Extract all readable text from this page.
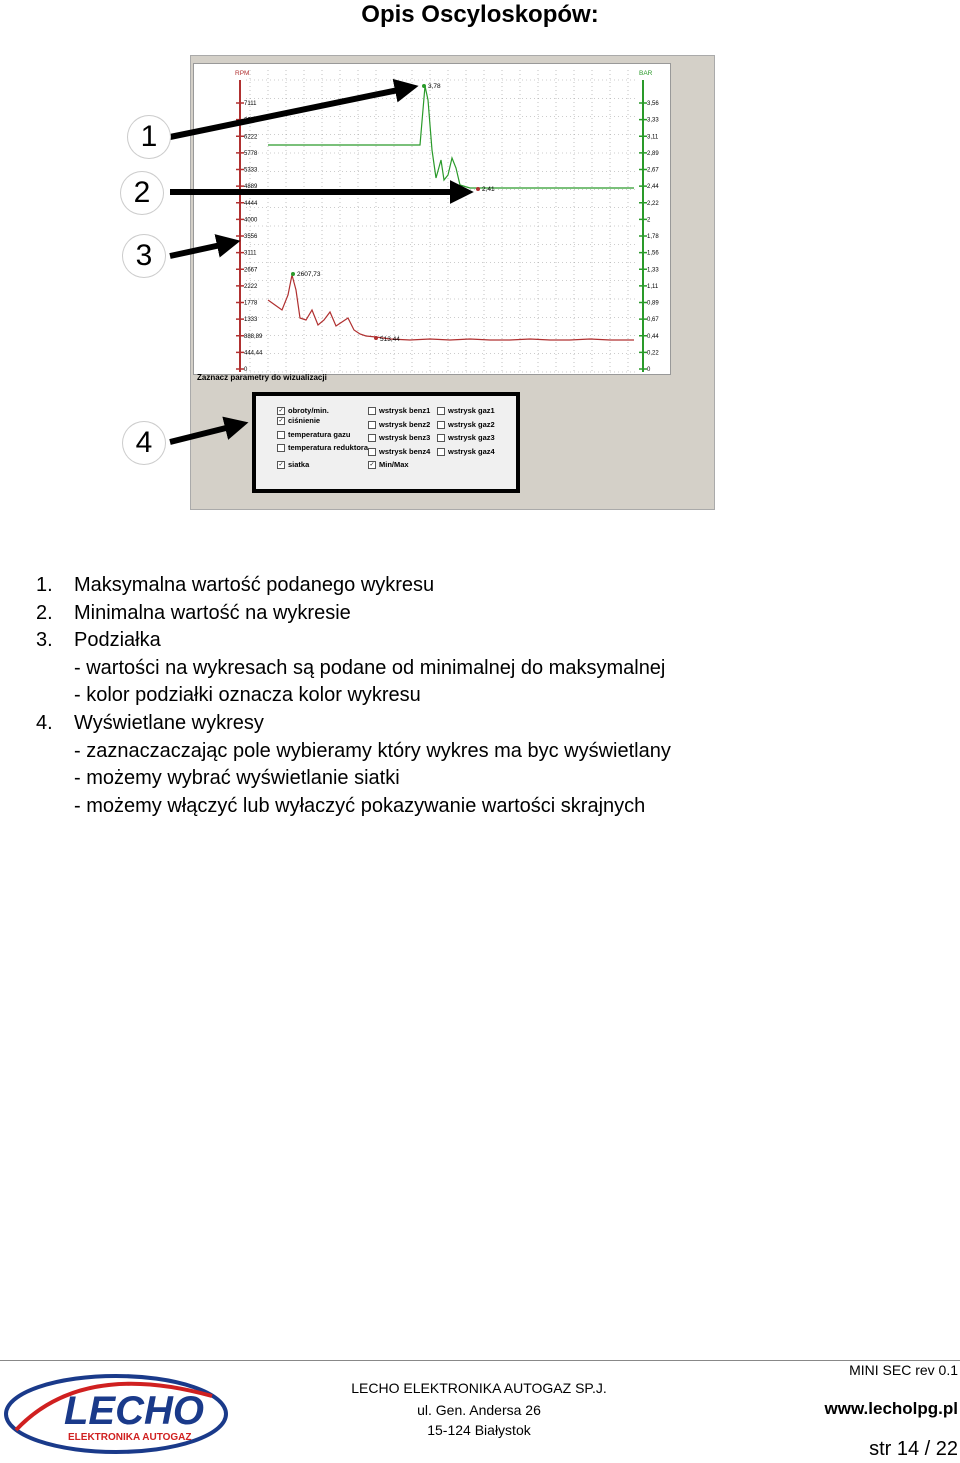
Opis Oscyloskopów:
RPM	BAR
7111
6222
5778
5333
4889
4444
4000
3556
3111
2667
2222
1778
1333
888,89
444,44
0
3,56
3,33
3,11
2,89
2,67
2,44
2,22
2
1,78
1,56
1,33
1,11
0,89
0,67
0,44
0,22
0
3,78
2,41
2607,73
513,44
Zaznacz parametry do wizualizacji
✓ obroty/min.
✓ ciśnienie
temperatura gazu
temperatura reduktora
✓ siatka
wstrysk benz1
wstrysk benz2
wstrysk benz3
wstrysk benz4
✓ Min/Max
wstrysk gaz1
wstrysk gaz2
wstrysk gaz3
wstrysk gaz4
1
2
3
4
1. Maksymalna wartość podanego wykresu
2. Minimalna wartość na wykresie
3. Podziałka
- wartości na wykresach są podane od minimalnej do maksymalnej
- kolor podziałki oznacza kolor wykresu
4. Wyświetlane wykresy
- zaznaczaczając pole wybieramy który wykres ma byc wyświetlany
- możemy wybrać wyświetlanie siatki
- możemy włączyć lub wyłaczyć pokazywanie wartości skrajnych
LECHO
ELEKTRONIKA AUTOGAZ
LECHO ELEKTRONIKA AUTOGAZ SP.J.
ul. Gen. Andersa 26
15-124 Białystok
MINI SEC rev 0.1
www.lecholpg.pl
str 14 / 22
